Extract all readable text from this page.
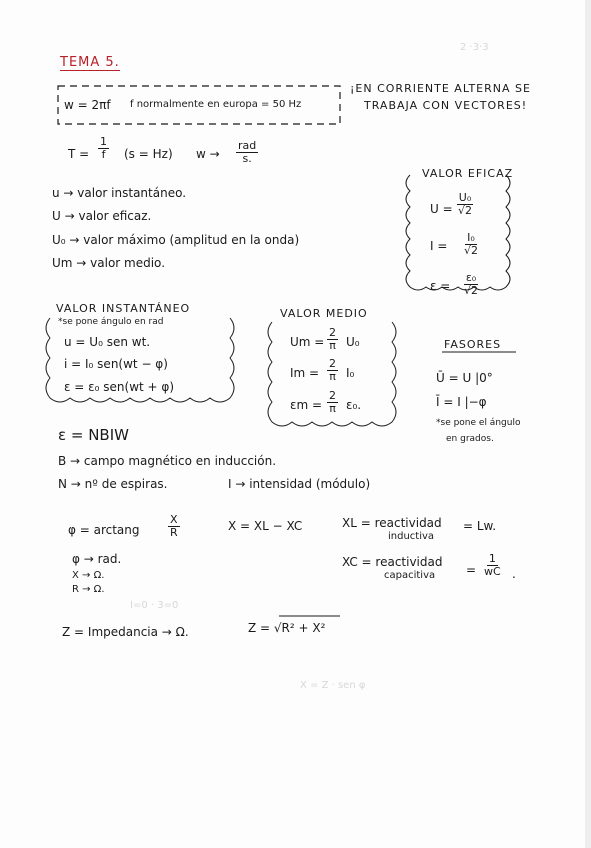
2 ·3·3
I=0 · 3=0
X = Z · sen φ
TEMA 5.
w = 2πf f normalmente en europa = 50 Hz
¡EN CORRIENTE ALTERNA SE
TRABAJA CON VECTORES!
$T = \frac{1}{f} (s = Hz) w$ →
rad
s.
u → valor instantáneo.
U → valor eficaz.
U₀ → valor máximo (amplitud en la onda)
Um → valor medio.
VALOR EFICAZ
$U = \frac{\text{U₀}}{√2}$
$I = \frac{\text{I₀}}{√2}$
$\varepsilon = \frac{\text{ε₀}}{√2}$
VALOR INSTANTÁNEO
*se pone ángulo en rad
u = U₀ sen wt.
i = I₀ sen(wt − φ)
ε = ε₀ sen(wt + φ)
VALOR MEDIO
$Um = \frac{2}{\pi} U_0$
$Im = \frac{2}{\pi} I_0$
$\varepsilon m = \frac{2}{\pi} \varepsilon_0$.
FASORES
Ū = U |0°
Ī = I |−φ
*se pone el ángulo
en grados.
ε = NBIW
B → campo magnético en inducción.
N → nº de espiras.	I → intensidad (módulo)
φ = arctang	$\frac{X}{R}$	X = XL − XC	XL = reactividad
inductiva
= Lw.
XC = reactividad
capacitiva	= $\frac{1}{wC}$ .
φ → rad.
X → Ω.
R → Ω.
Z = Impedancia → Ω.	Z = √R² + X²
